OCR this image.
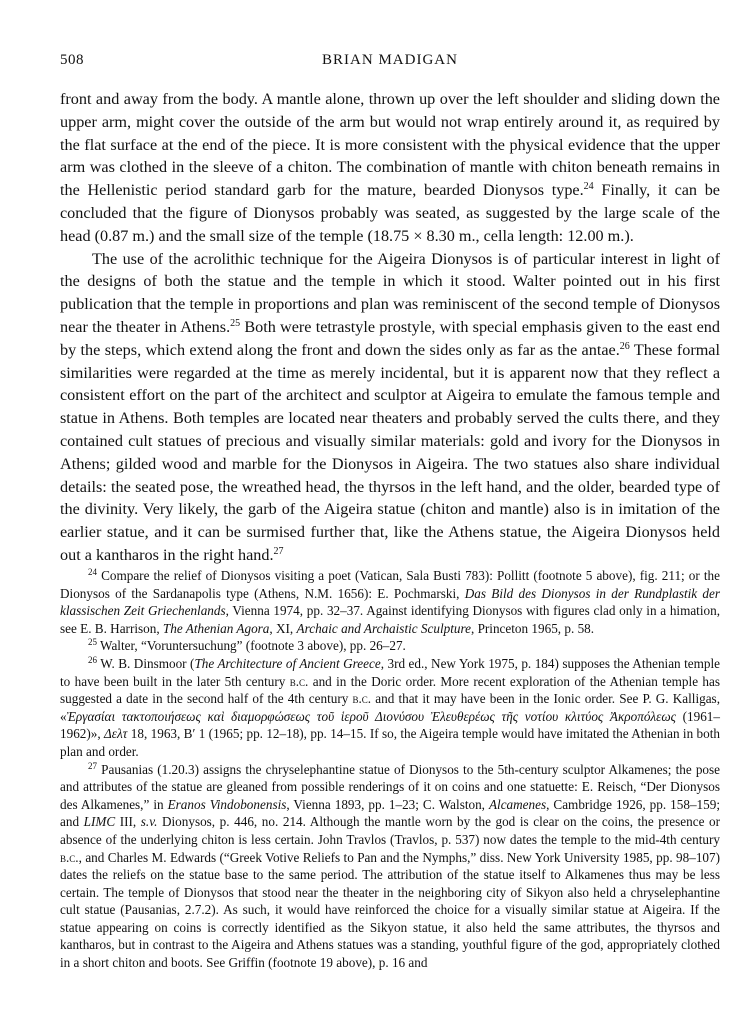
508	BRIAN MADIGAN

front and away from the body. A mantle alone, thrown up over the left shoulder and sliding down the upper arm, might cover the outside of the arm but would not wrap entirely around it, as required by the flat surface at the end of the piece. It is more consistent with the physical evidence that the upper arm was clothed in the sleeve of a chiton. The combination of mantle with chiton beneath remains in the Hellenistic period standard garb for the mature, bearded Dionysos type.$^{24}$ Finally, it can be concluded that the figure of Dionysos probably was seated, as suggested by the large scale of the head (0.87 m.) and the small size of the temple (18.75 × 8.30 m., cella length: 12.00 m.).

The use of the acrolithic technique for the Aigeira Dionysos is of particular interest in light of the designs of both the statue and the temple in which it stood. Walter pointed out in his first publication that the temple in proportions and plan was reminiscent of the second temple of Dionysos near the theater in Athens.$^{25}$ Both were tetrastyle prostyle, with special emphasis given to the east end by the steps, which extend along the front and down the sides only as far as the antae.$^{26}$ These formal similarities were regarded at the time as merely incidental, but it is apparent now that they reflect a consistent effort on the part of the architect and sculptor at Aigeira to emulate the famous temple and statue in Athens. Both temples are located near theaters and probably served the cults there, and they contained cult statues of precious and visually similar materials: gold and ivory for the Dionysos in Athens; gilded wood and marble for the Dionysos in Aigeira. The two statues also share individual details: the seated pose, the wreathed head, the thyrsos in the left hand, and the older, bearded type of the divinity. Very likely, the garb of the Aigeira statue (chiton and mantle) also is in imitation of the earlier statue, and it can be surmised further that, like the Athens statue, the Aigeira Dionysos held out a kantharos in the right hand.$^{27}$

$^{24}$ Compare the relief of Dionysos visiting a poet (Vatican, Sala Busti 783): Pollitt (footnote 5 above), fig. 211; or the Dionysos of the Sardanapolis type (Athens, N.M. 1656): E. Pochmarski, Das Bild des Dionysos in der Rundplastik der klassischen Zeit Griechenlands, Vienna 1974, pp. 32–37. Against identifying Dionysos with figures clad only in a himation, see E. B. Harrison, The Athenian Agora, XI, Archaic and Archaistic Sculpture, Princeton 1965, p. 58.

$^{25}$ Walter, “Voruntersuchung” (footnote 3 above), pp. 26–27.

$^{26}$ W. B. Dinsmoor (The Architecture of Ancient Greece, 3rd ed., New York 1975, p. 184) supposes the Athenian temple to have been built in the later 5th century b.c. and in the Doric order. More recent exploration of the Athenian temple has suggested a date in the second half of the 4th century b.c. and that it may have been in the Ionic order. See P. G. Kalligas, «Ἐργασίαι τακτοποιήσεως καὶ διαμορφώσεως τοῦ ἱεροῦ Διονύσου Ἐλευθερέως τῆς νοτίου κλιτύος Ἀκροπόλεως (1961–1962)», Δελτ 18, 1963, B′ 1 (1965; pp. 12–18), pp. 14–15. If so, the Aigeira temple would have imitated the Athenian in both plan and order.

$^{27}$ Pausanias (1.20.3) assigns the chryselephantine statue of Dionysos to the 5th-century sculptor Alkamenes; the pose and attributes of the statue are gleaned from possible renderings of it on coins and one statuette: E. Reisch, “Der Dionysos des Alkamenes,” in Eranos Vindobonensis, Vienna 1893, pp. 1–23; C. Walston, Alcamenes, Cambridge 1926, pp. 158–159; and LIMC III, s.v. Dionysos, p. 446, no. 214. Although the mantle worn by the god is clear on the coins, the presence or absence of the underlying chiton is less certain. John Travlos (Travlos, p. 537) now dates the temple to the mid-4th century b.c., and Charles M. Edwards (“Greek Votive Reliefs to Pan and the Nymphs,” diss. New York University 1985, pp. 98–107) dates the reliefs on the statue base to the same period. The attribution of the statue itself to Alkamenes thus may be less certain. The temple of Dionysos that stood near the theater in the neighboring city of Sikyon also held a chryselephantine cult statue (Pausanias, 2.7.2). As such, it would have reinforced the choice for a visually similar statue at Aigeira. If the statue appearing on coins is correctly identified as the Sikyon statue, it also held the same attributes, the thyrsos and kantharos, but in contrast to the Aigeira and Athens statues was a standing, youthful figure of the god, appropriately clothed in a short chiton and boots. See Griffin (footnote 19 above), p. 16 and
